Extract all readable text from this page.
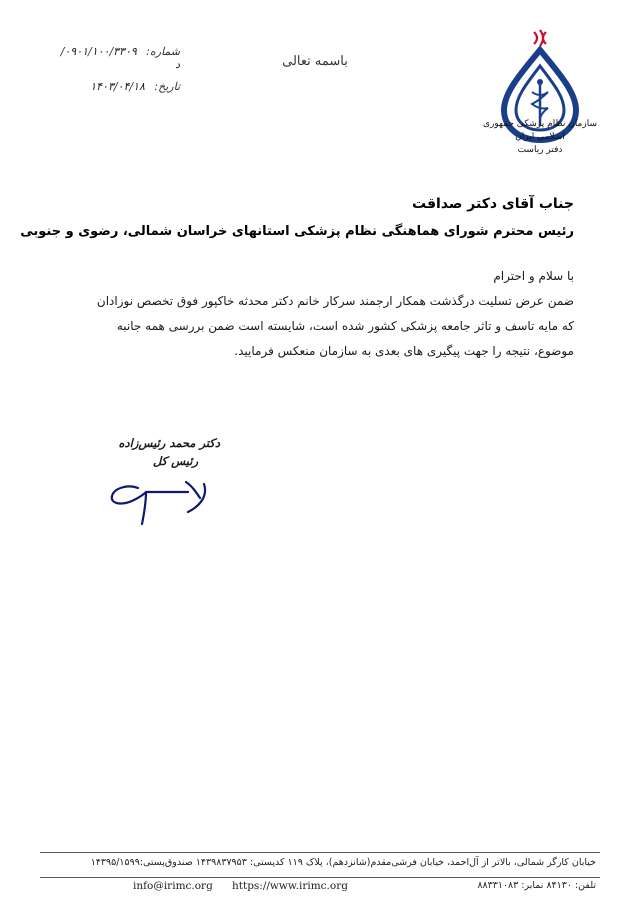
سازمان نظام پزشکی جمهوری اسلامی ایران
دفتر ریاست
باسمه تعالی
شماره: ۰۹۰۱/۱۰۰/۳۳۰۹/د
تاریخ: ۱۴۰۳/۰۴/۱۸
جناب آقای دکتر صداقت
رئیس محترم شورای هماهنگی نظام پزشکی استانهای خراسان شمالی، رضوی و جنوبی
با سلام و احترام
ضمن عرض تسلیت درگذشت همکار ارجمند سرکار خانم دکتر محدثه خاکپور فوق تخصص نوزادان
که مایه تاسف و تاثر جامعه پزشکی کشور شده است، شایسته است ضمن بررسی همه جانبه
موضوع، نتیجه را جهت پیگیری های بعدی به سازمان منعکس فرمایید.
دکتر محمد رئیس‌زاده
رئیس کل
خیابان کارگر شمالی، بالاتر از آل‌احمد، خیابان فرشی‌مقدم(شانزدهم)، پلاک ۱۱۹ کدپستی: ۱۴۳۹۸۳۷۹۵۳ صندوق‌پستی:۱۴۳۹۵/۱۵۹۹
info@irimc.org https://www.irimc.org	تلفن: ۸۴۱۳۰ نمابر: ۸۸۳۳۱۰۸۳
